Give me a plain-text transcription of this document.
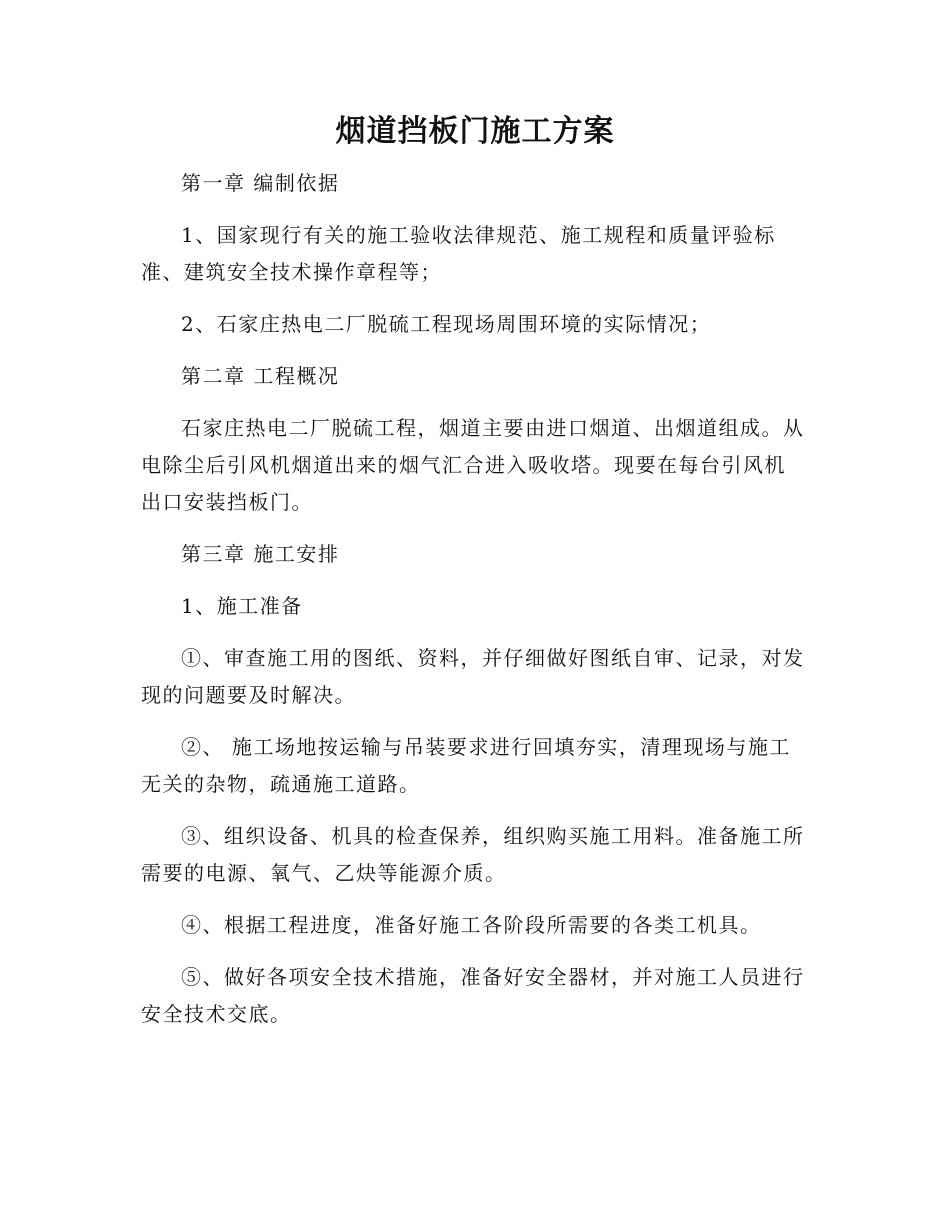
烟道挡板门施工方案

第一章 编制依据

1、国家现行有关的施工验收法律规范、施工规程和质量评验标准、建筑安全技术操作章程等；

2、石家庄热电二厂脱硫工程现场周围环境的实际情况；

第二章 工程概况

石家庄热电二厂脱硫工程，烟道主要由进口烟道、出烟道组成。从电除尘后引风机烟道出来的烟气汇合进入吸收塔。现要在每台引风机出口安装挡板门。

第三章 施工安排

1、施工准备

①、审查施工用的图纸、资料，并仔细做好图纸自审、记录，对发现的问题要及时解决。

②、 施工场地按运输与吊装要求进行回填夯实，清理现场与施工无关的杂物，疏通施工道路。

③、组织设备、机具的检查保养，组织购买施工用料。准备施工所需要的电源、氧气、乙炔等能源介质。

④、根据工程进度，准备好施工各阶段所需要的各类工机具。

⑤、做好各项安全技术措施，准备好安全器材，并对施工人员进行安全技术交底。
